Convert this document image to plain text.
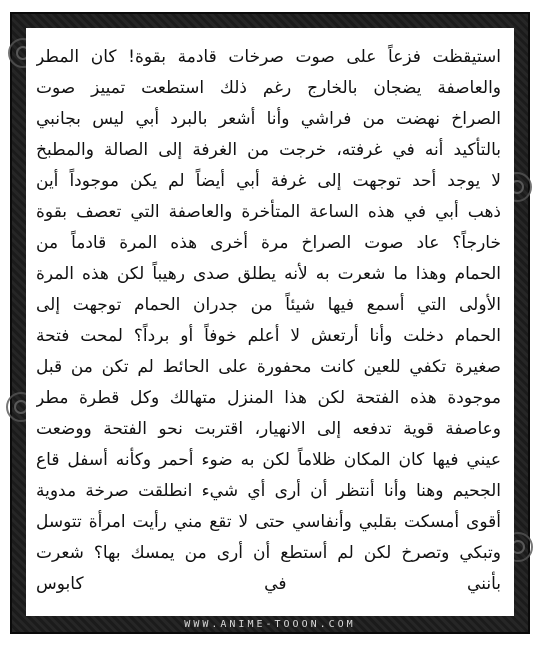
استيقظت فزعاً على صوت صرخات قادمة بقوة! كان المطر
والعاصفة يضجان بالخارج رغم ذلك استطعت تمييز صوت
الصراخ نهضت من فراشي وأنا أشعر بالبرد أبي ليس بجانبي
بالتأكيد أنه في غرفته، خرجت من الغرفة إلى الصالة والمطبخ
لا يوجد أحد توجهت إلى غرفة أبي أيضاً لم يكن موجوداً أين
ذهب أبي في هذه الساعة المتأخرة والعاصفة التي تعصف بقوة
خارجاً؟ عاد صوت الصراخ مرة أخرى هذه المرة قادماً من
الحمام وهذا ما شعرت به لأنه يطلق صدى رهيباً لكن هذه المرة
الأولى التي أسمع فيها شيئاً من جدران الحمام توجهت إلى
الحمام دخلت وأنا أرتعش لا أعلم خوفاً أو برداً؟ لمحت فتحة
صغيرة تكفي للعين كانت محفورة على الحائط لم تكن من قبل
موجودة هذه الفتحة لكن هذا المنزل متهالك وكل قطرة مطر
وعاصفة قوية تدفعه إلى الانهيار، اقتربت نحو الفتحة ووضعت
عيني فيها كان المكان ظلاماً لكن به ضوء أحمر وكأنه أسفل قاع
الجحيم وهنا وأنا أنتظر أن أرى أي شيء انطلقت صرخة مدوية
أقوى أمسكت بقلبي وأنفاسي حتى لا تقع مني رأيت امرأة تتوسل
وتبكي وتصرخ لكن لم أستطع أن أرى من يمسك بها؟ شعرت
بأنني في كابوس
WWW.ANIME-TOOON.COM
